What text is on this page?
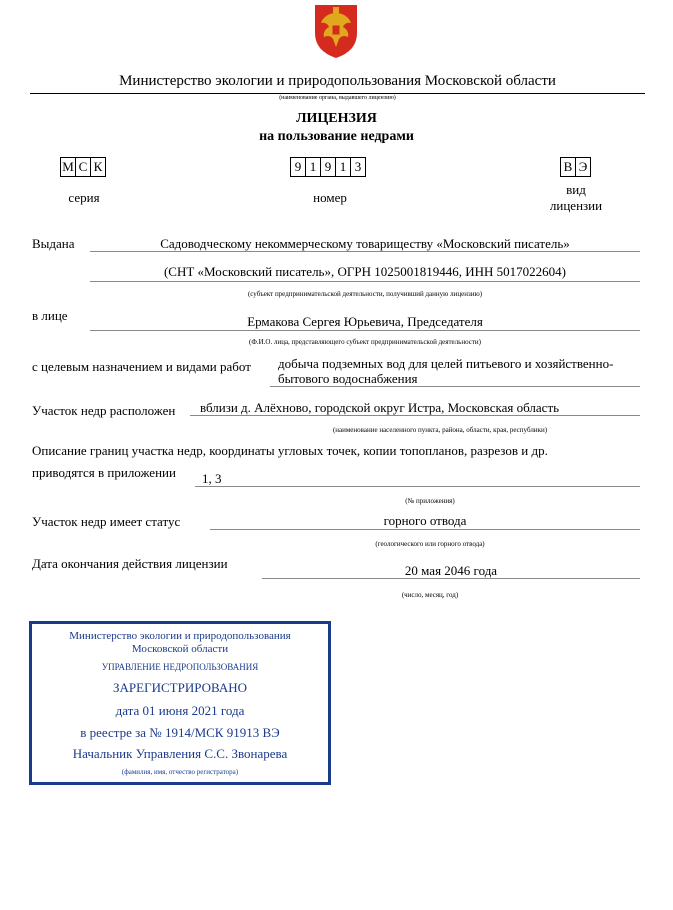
Министерство экологии и природопользования Московской области
(наименование органа, выдавшего лицензию)
ЛИЦЕНЗИЯ
на пользование недрами
М С К
серия
9 1 9 1 3
номер
В Э
вид
лицензии
Выдана	Садоводческому некоммерческому товариществу «Московский писатель»
(СНТ «Московский писатель», ОГРН 1025001819446, ИНН 5017022604)
(субъект предпринимательской деятельности, получивший данную лицензию)
в лице	Ермакова Сергея Юрьевича, Председателя
(Ф.И.О. лица, представляющего субъект предпринимательской деятельности)
с целевым назначением и видами работ добыча подземных вод для целей питьевого и хозяйственно-
бытового водоснабжения
Участок недр расположен вблизи д. Алёхново, городской округ Истра, Московская область
(наименование населенного пункта, района, области, края, республики)
Описание границ участка недр, координаты угловых точек, копии топопланов, разрезов и др.
приводятся в приложении 1, 3
(№ приложения)
Участок недр имеет статус	горного отвода
(геологического или горного отвода)
Дата окончания действия лицензии	20 мая 2046 года
(число, месяц, год)
Министерство экологии и природопользования
Московской области
УПРАВЛЕНИЕ НЕДРОПОЛЬЗОВАНИЯ
ЗАРЕГИСТРИРОВАНО
дата 01 июня 2021 года
в реестре за № 1914/МСК 91913 ВЭ
Начальник Управления С.С. Звонарева
(фамилия, имя, отчество регистратора)
